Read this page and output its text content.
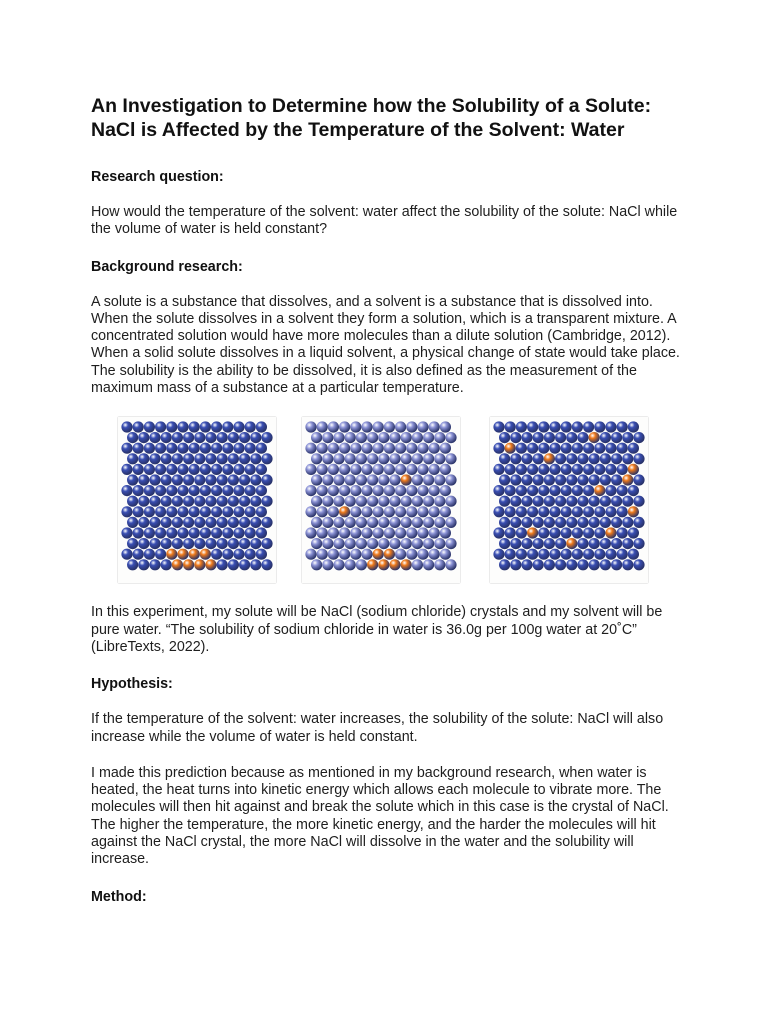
An Investigation to Determine how the Solubility of a Solute:
NaCl is Affected by the Temperature of the Solvent: Water
Research question:

How would the temperature of the solvent: water affect the solubility of the solute: NaCl while the volume of water is held constant?

Background research:

A solute is a substance that dissolves, and a solvent is a substance that is dissolved into. When the solute dissolves in a solvent they form a solution, which is a transparent mixture. A concentrated solution would have more molecules than a dilute solution (Cambridge, 2012). When a solid solute dissolves in a liquid solvent, a physical change of state would take place. The solubility is the ability to be dissolved, it is also defined as the measurement of the maximum mass of a substance at a particular temperature.

In this experiment, my solute will be NaCl (sodium chloride) crystals and my solvent will be pure water. “The solubility of sodium chloride in water is 36.0g per 100g water at 20˚C” (LibreTexts, 2022).

Hypothesis:

If the temperature of the solvent: water increases, the solubility of the solute: NaCl will also increase while the volume of water is held constant.

I made this prediction because as mentioned in my background research, when water is heated, the heat turns into kinetic energy which allows each molecule to vibrate more. The molecules will then hit against and break the solute which in this case is the crystal of NaCl. The higher the temperature, the more kinetic energy, and the harder the molecules will hit against the NaCl crystal, the more NaCl will dissolve in the water and the solubility will increase.

Method:
